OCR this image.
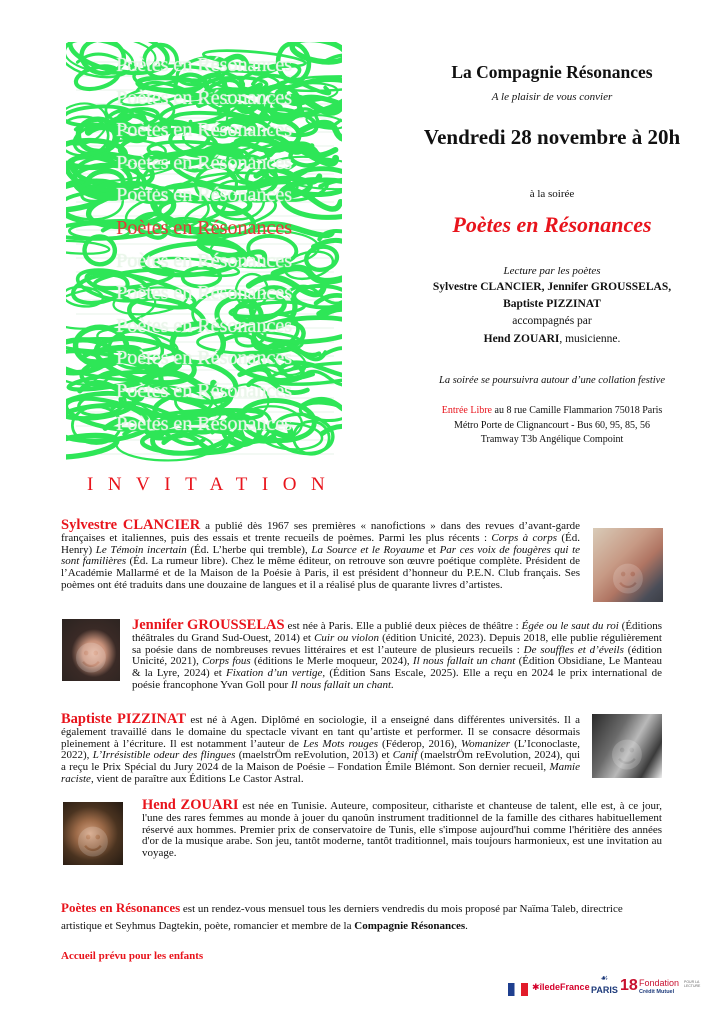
Poètes en Résonances
Poètes en Résonances
Poètes en Résonances
Poètes en Résonances
Poètes en Résonances
Poètes en Résonances
Poètes en Résonances
Poètes en Résonances
Poètes en Résonances
Poètes en Résonances
Poètes en Résonances
Poètes en Résonances
INVITATION
La Compagnie Résonances
A le plaisir de vous convier
Vendredi 28 novembre à 20h
à la soirée
Poètes en Résonances
Lecture par les poètes
Sylvestre CLANCIER, Jennifer GROUSSELAS,
Baptiste PIZZINAT
accompagnés par
Hend ZOUARI, musicienne.
La soirée se poursuivra autour d’une collation festive
Entrée Libre au 8 rue Camille Flammarion 75018 Paris
Métro Porte de Clignancourt - Bus 60, 95, 85, 56
Tramway T3b Angélique Compoint
☻
Sylvestre CLANCIER a publié dès 1967 ses premières « nanofictions » dans des revues d’avant-garde françaises et italiennes, puis des essais et trente recueils de poèmes. Parmi les plus récents : Corps à corps (Éd. Henry) Le Témoin incertain (Éd. L’herbe qui tremble), La Source et le Royaume et Par ces voix de fougères qui te sont familières (Éd. La rumeur libre). Chez le même éditeur, on retrouve son œuvre poétique complète. Président de l’Académie Mallarmé et de la Maison de la Poésie à Paris, il est président d’honneur du P.E.N. Club français. Ses poèmes ont été traduits dans une douzaine de langues et il a réalisé plus de quarante livres d’artistes.
☻
Jennifer GROUSSELAS est née à Paris. Elle a publié deux pièces de théâtre : Égée ou le saut du roi (Éditions théâtrales du Grand Sud-Ouest, 2014) et Cuir ou violon (édition Unicité, 2023). Depuis 2018, elle publie régulièrement sa poésie dans de nombreuses revues littéraires et est l’auteure de plusieurs recueils : De souffles et d’éveils (édition Unicité, 2021), Corps fous (éditions le Merle moqueur, 2024), Il nous fallait un chant (Édition Obsidiane, Le Manteau & la Lyre, 2024) et Fixation d’un vertige, (Édition Sans Escale, 2025). Elle a reçu en 2024 le prix international de poésie francophone Yvan Goll pour Il nous fallait un chant.
☻
Baptiste PIZZINAT est né à Agen. Diplômé en sociologie, il a enseigné dans différentes universités. Il a également travaillé dans le domaine du spectacle vivant en tant qu’artiste et performer. Il se consacre désormais pleinement à l’écriture. Il est notamment l’auteur de Les Mots rouges (Féderop, 2016), Womanizer (L’Iconoclaste, 2022), L’Irrésistible odeur des flingues (maelstrÖm reEvolution, 2013) et Canif (maelstrÖm reEvolution, 2024), qui a reçu le Prix Spécial du Jury 2024 de la Maison de Poésie – Fondation Émile Blémont. Son dernier recueil, Mamie raciste, vient de paraître aux Éditions Le Castor Astral.
☻
Hend ZOUARI est née en Tunisie. Auteure, compositeur, cithariste et chanteuse de talent, elle est, à ce jour, l'une des rares femmes au monde à jouer du qanoûn instrument traditionnel de la famille des cithares habituellement réservé aux hommes. Premier prix de conservatoire de Tunis, elle s'impose aujourd'hui comme l'héritière des années d'or de la musique arabe. Son jeu, tantôt moderne, tantôt traditionnel, mais toujours harmonieux, est une invitation au voyage.
Poètes en Résonances est un rendez-vous mensuel tous les derniers vendredis du mois proposé par Naïma Taleb, directrice artistique et Seyhmus Dagtekin, poète, romancier et membre de la Compagnie Résonances.
Accueil prévu pour les enfants
✱îledeFrance
☙
PARIS 18 Fondation
Crédit Mutuel
POUR LA LECTURE
